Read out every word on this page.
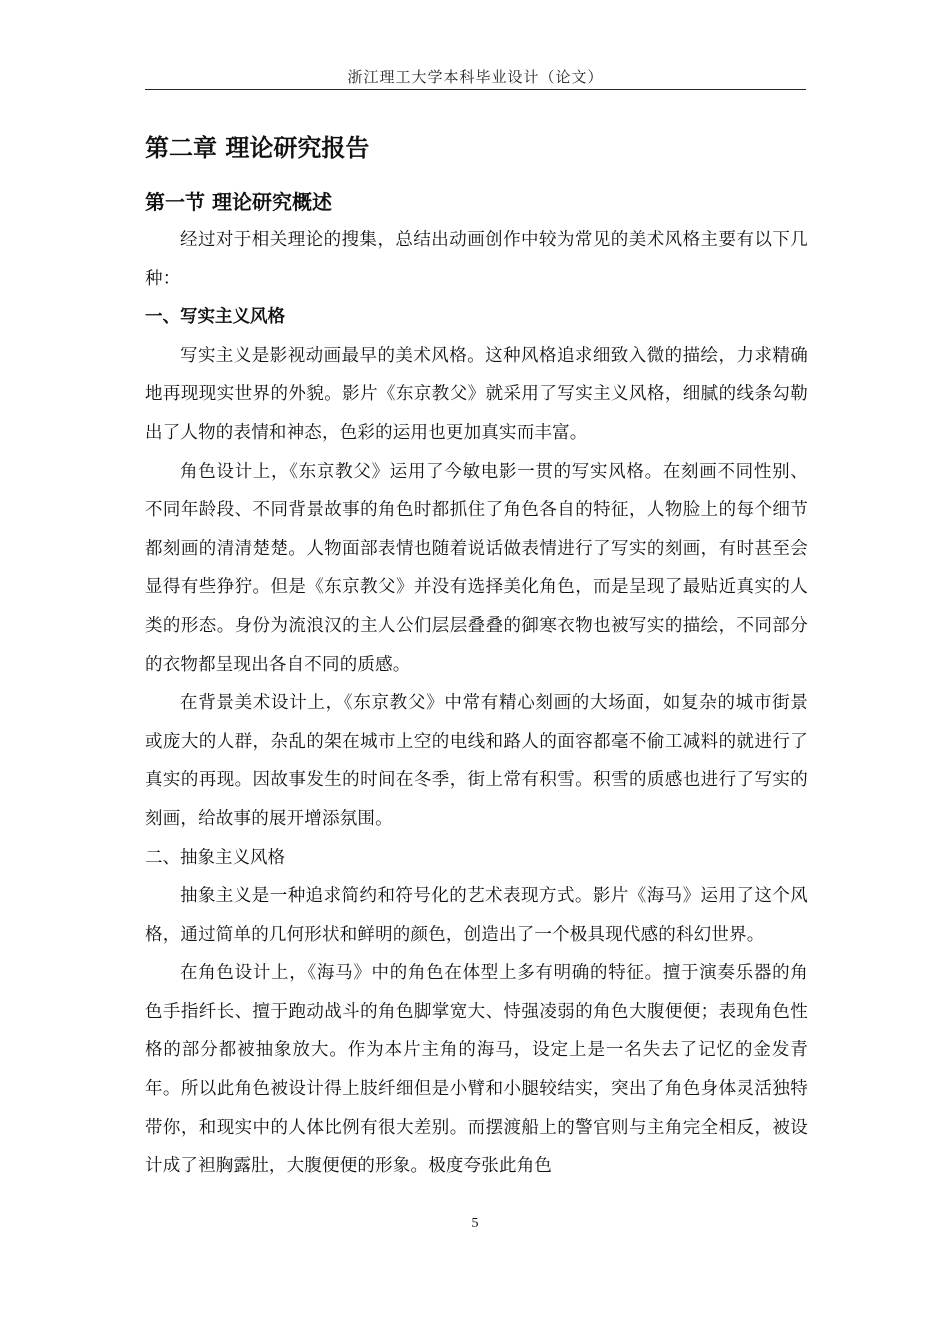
浙江理工大学本科毕业设计（论文）
第二章 理论研究报告
第一节 理论研究概述

经过对于相关理论的搜集，总结出动画创作中较为常见的美术风格主要有以下几种：

一、写实主义风格

写实主义是影视动画最早的美术风格。这种风格追求细致入微的描绘，力求精确地再现现实世界的外貌。影片《东京教父》就采用了写实主义风格，细腻的线条勾勒出了人物的表情和神态，色彩的运用也更加真实而丰富。

角色设计上，《东京教父》运用了今敏电影一贯的写实风格。在刻画不同性别、不同年龄段、不同背景故事的角色时都抓住了角色各自的特征，人物脸上的每个细节都刻画的清清楚楚。人物面部表情也随着说话做表情进行了写实的刻画，有时甚至会显得有些狰狞。但是《东京教父》并没有选择美化角色，而是呈现了最贴近真实的人类的形态。身份为流浪汉的主人公们层层叠叠的御寒衣物也被写实的描绘，不同部分的衣物都呈现出各自不同的质感。

在背景美术设计上，《东京教父》中常有精心刻画的大场面，如复杂的城市街景或庞大的人群，杂乱的架在城市上空的电线和路人的面容都毫不偷工减料的就进行了真实的再现。因故事发生的时间在冬季，街上常有积雪。积雪的质感也进行了写实的刻画，给故事的展开增添氛围。

二、抽象主义风格

抽象主义是一种追求简约和符号化的艺术表现方式。影片《海马》运用了这个风格，通过简单的几何形状和鲜明的颜色，创造出了一个极具现代感的科幻世界。

在角色设计上，《海马》中的角色在体型上多有明确的特征。擅于演奏乐器的角色手指纤长、擅于跑动战斗的角色脚掌宽大、恃强凌弱的角色大腹便便；表现角色性格的部分都被抽象放大。作为本片主角的海马，设定上是一名失去了记忆的金发青年。所以此角色被设计得上肢纤细但是小臂和小腿较结实，突出了角色身体灵活独特带你，和现实中的人体比例有很大差别。而摆渡船上的警官则与主角完全相反，被设计成了袒胸露肚，大腹便便的形象。极度夸张此角色

5
